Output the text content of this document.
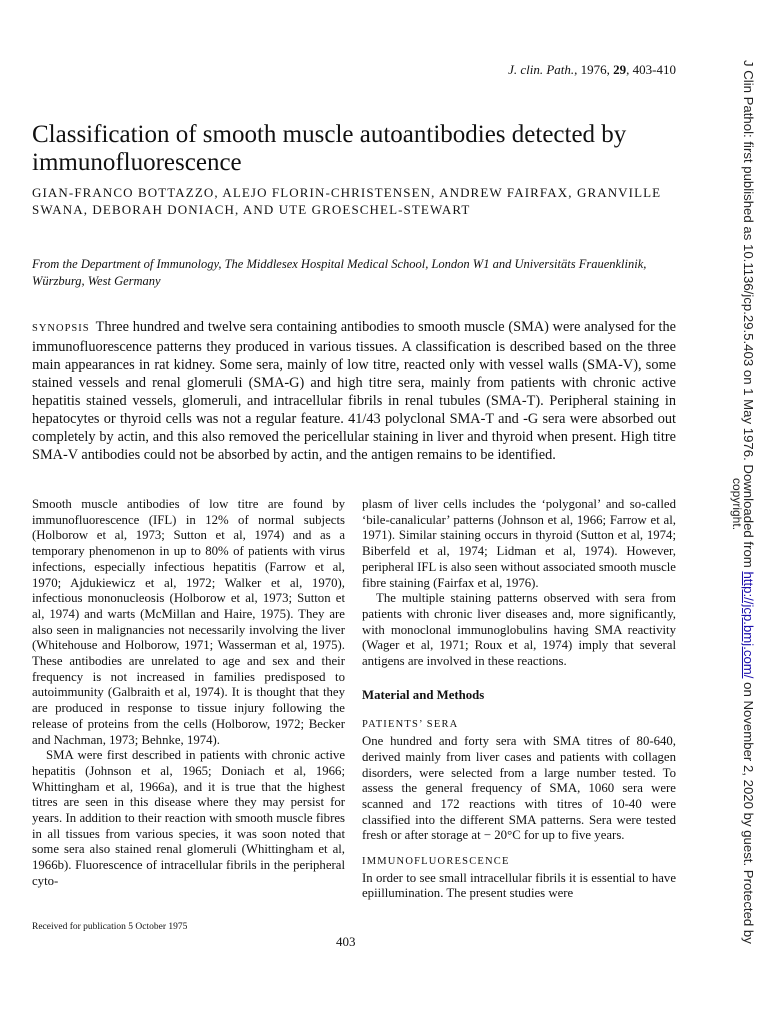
J. clin. Path., 1976, 29, 403-410
Classification of smooth muscle autoantibodies detected by immunofluorescence
GIAN-FRANCO BOTTAZZO, ALEJO FLORIN-CHRISTENSEN, ANDREW FAIRFAX, GRANVILLE SWANA, DEBORAH DONIACH, AND UTE GROESCHEL-STEWART
From the Department of Immunology, The Middlesex Hospital Medical School, London W1 and Universitäts Frauenklinik, Würzburg, West Germany

SYNOPSIS Three hundred and twelve sera containing antibodies to smooth muscle (SMA) were analysed for the immunofluorescence patterns they produced in various tissues. A classification is described based on the three main appearances in rat kidney. Some sera, mainly of low titre, reacted only with vessel walls (SMA-V), some stained vessels and renal glomeruli (SMA-G) and high titre sera, mainly from patients with chronic active hepatitis stained vessels, glomeruli, and intracellular fibrils in renal tubules (SMA-T). Peripheral staining in hepatocytes or thyroid cells was not a regular feature. 41/43 polyclonal SMA-T and -G sera were absorbed out completely by actin, and this also removed the pericellular staining in liver and thyroid when present. High titre SMA-V antibodies could not be absorbed by actin, and the antigen remains to be identified.

Smooth muscle antibodies of low titre are found by immunofluorescence (IFL) in 12% of normal subjects (Holborow et al, 1973; Sutton et al, 1974) and as a temporary phenomenon in up to 80% of patients with virus infections, especially infectious hepatitis (Farrow et al, 1970; Ajdukiewicz et al, 1972; Walker et al, 1970), infectious mononucleosis (Holborow et al, 1973; Sutton et al, 1974) and warts (McMillan and Haire, 1975). They are also seen in malignancies not necessarily involving the liver (Whitehouse and Holborow, 1971; Wasserman et al, 1975). These antibodies are unrelated to age and sex and their frequency is not increased in families predisposed to autoimmunity (Galbraith et al, 1974). It is thought that they are produced in response to tissue injury following the release of proteins from the cells (Holborow, 1972; Becker and Nachman, 1973; Behnke, 1974).

SMA were first described in patients with chronic active hepatitis (Johnson et al, 1965; Doniach et al, 1966; Whittingham et al, 1966a), and it is true that the highest titres are seen in this disease where they may persist for years. In addition to their reaction with smooth muscle fibres in all tissues from various species, it was soon noted that some sera also stained renal glomeruli (Whittingham et al, 1966b). Fluorescence of intracellular fibrils in the peripheral cyto-

plasm of liver cells includes the ‘polygonal’ and so-called ‘bile-canalicular’ patterns (Johnson et al, 1966; Farrow et al, 1971). Similar staining occurs in thyroid (Sutton et al, 1974; Biberfeld et al, 1974; Lidman et al, 1974). However, peripheral IFL is also seen without associated smooth muscle fibre staining (Fairfax et al, 1976).

The multiple staining patterns observed with sera from patients with chronic liver diseases and, more significantly, with monoclonal immunoglobulins having SMA reactivity (Wager et al, 1971; Roux et al, 1974) imply that several antigens are involved in these reactions.

Material and Methods

PATIENTS’ SERA

One hundred and forty sera with SMA titres of 80-640, derived mainly from liver cases and patients with collagen disorders, were selected from a large number tested. To assess the general frequency of SMA, 1060 sera were scanned and 172 reactions with titres of 10-40 were classified into the different SMA patterns. Sera were tested fresh or after storage at − 20°C for up to five years.

IMMUNOFLUORESCENCE

In order to see small intracellular fibrils it is essential to have epiillumination. The present studies were

Received for publication 5 October 1975
403
J Clin Pathol: first published as 10.1136/jcp.29.5.403 on 1 May 1976. Downloaded from http://jcp.bmj.com/ on November 2, 2020 by guest. Protected by
copyright.
